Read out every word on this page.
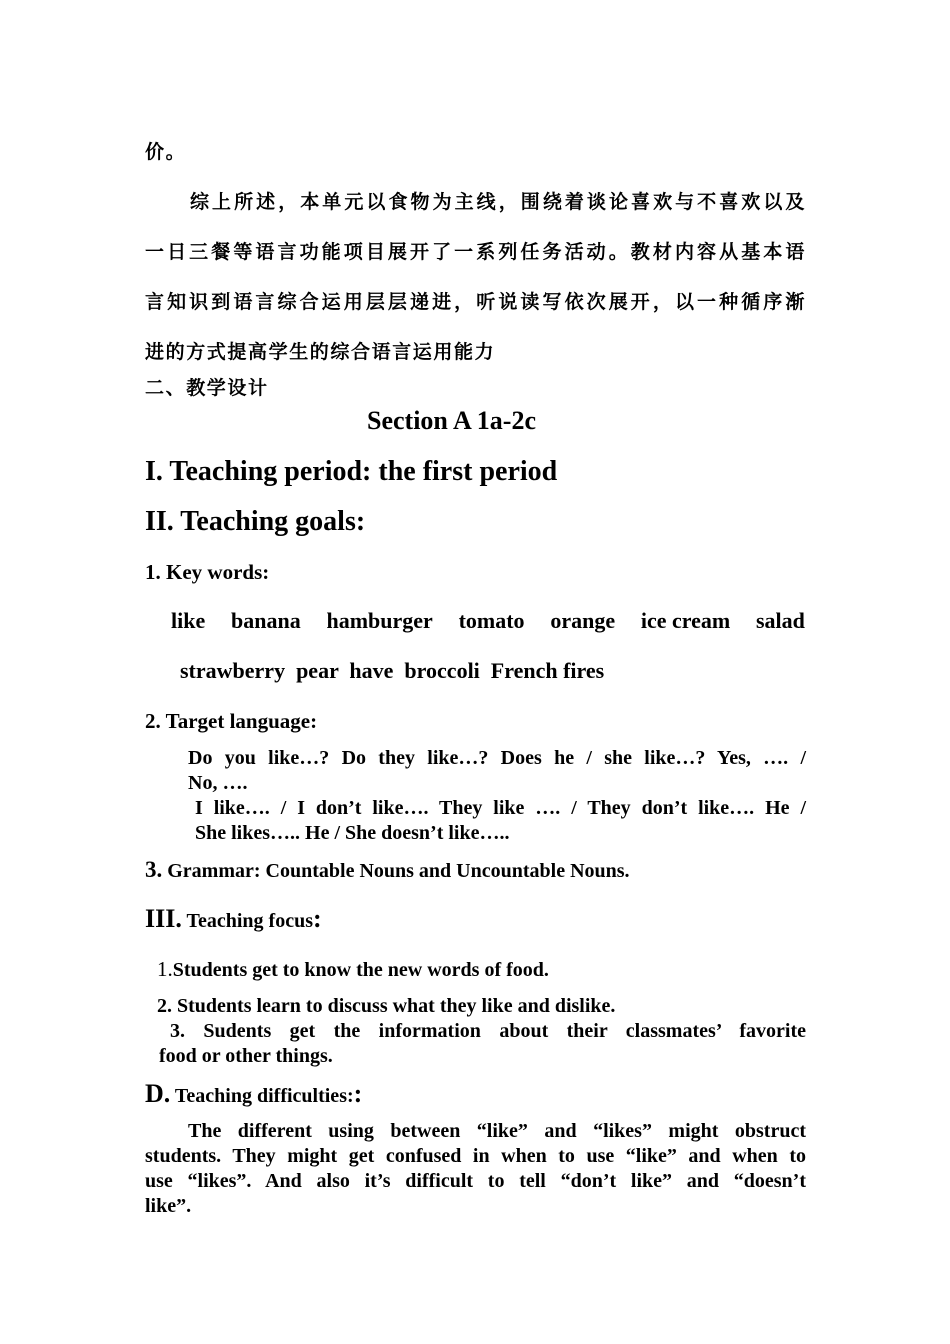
价。
综上所述，本单元以食物为主线，围绕着谈论喜欢与不喜欢以及
一日三餐等语言功能项目展开了一系列任务活动。教材内容从基本语
言知识到语言综合运用层层递进，听说读写依次展开，以一种循序渐
进的方式提高学生的综合语言运用能力
二、教学设计
Section A 1a-2c
I. Teaching period: the first period
II. Teaching goals:
1. Key words:
like banana hamburger tomato orange ice cream salad
strawberry  pear  have  broccoli  French fires
2. Target language:
Do you like…? Do they like…? Does he / she like…? Yes, …. /
No, ….
I like…. / I don’t like…. They like …. / They don’t like…. He /
She likes….. He / She doesn’t like…..
3. Grammar: Countable Nouns and Uncountable Nouns.
III. Teaching focus:
1.Students get to know the new words of food.
2. Students learn to discuss what they like and dislike.
3. Sudents get the information about their classmates’ favorite
food or other things.
D. Teaching difficulties::
The different using between “like” and “likes” might obstruct
students. They might get confused in when to use “like” and when to
use “likes”. And also it’s difficult to tell “don’t like” and “doesn’t
like”.
